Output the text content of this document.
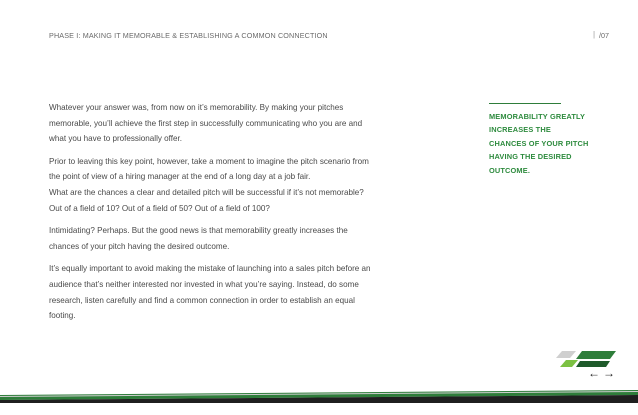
PHASE I: MAKING IT MEMORABLE & ESTABLISHING A COMMON CONNECTION	| /07

Whatever your answer was, from now on it’s memorability. By making your pitches memorable, you’ll achieve the first step in successfully communicating who you are and what you have to professionally offer.

Prior to leaving this key point, however, take a moment to imagine the pitch scenario from the point of view of a hiring manager at the end of a long day at a job fair.

What are the chances a clear and detailed pitch will be successful if it’s not memorable? Out of a field of 10? Out of a field of 50? Out of a field of 100?

Intimidating? Perhaps. But the good news is that memorability greatly increases the chances of your pitch having the desired outcome.

It’s equally important to avoid making the mistake of launching into a sales pitch before an audience that’s neither interested nor invested in what you’re saying. Instead, do some research, listen carefully and find a common connection in order to establish an equal footing.

MEMORABILITY GREATLY INCREASES THE CHANCES OF YOUR PITCH HAVING THE DESIRED OUTCOME.
← →
